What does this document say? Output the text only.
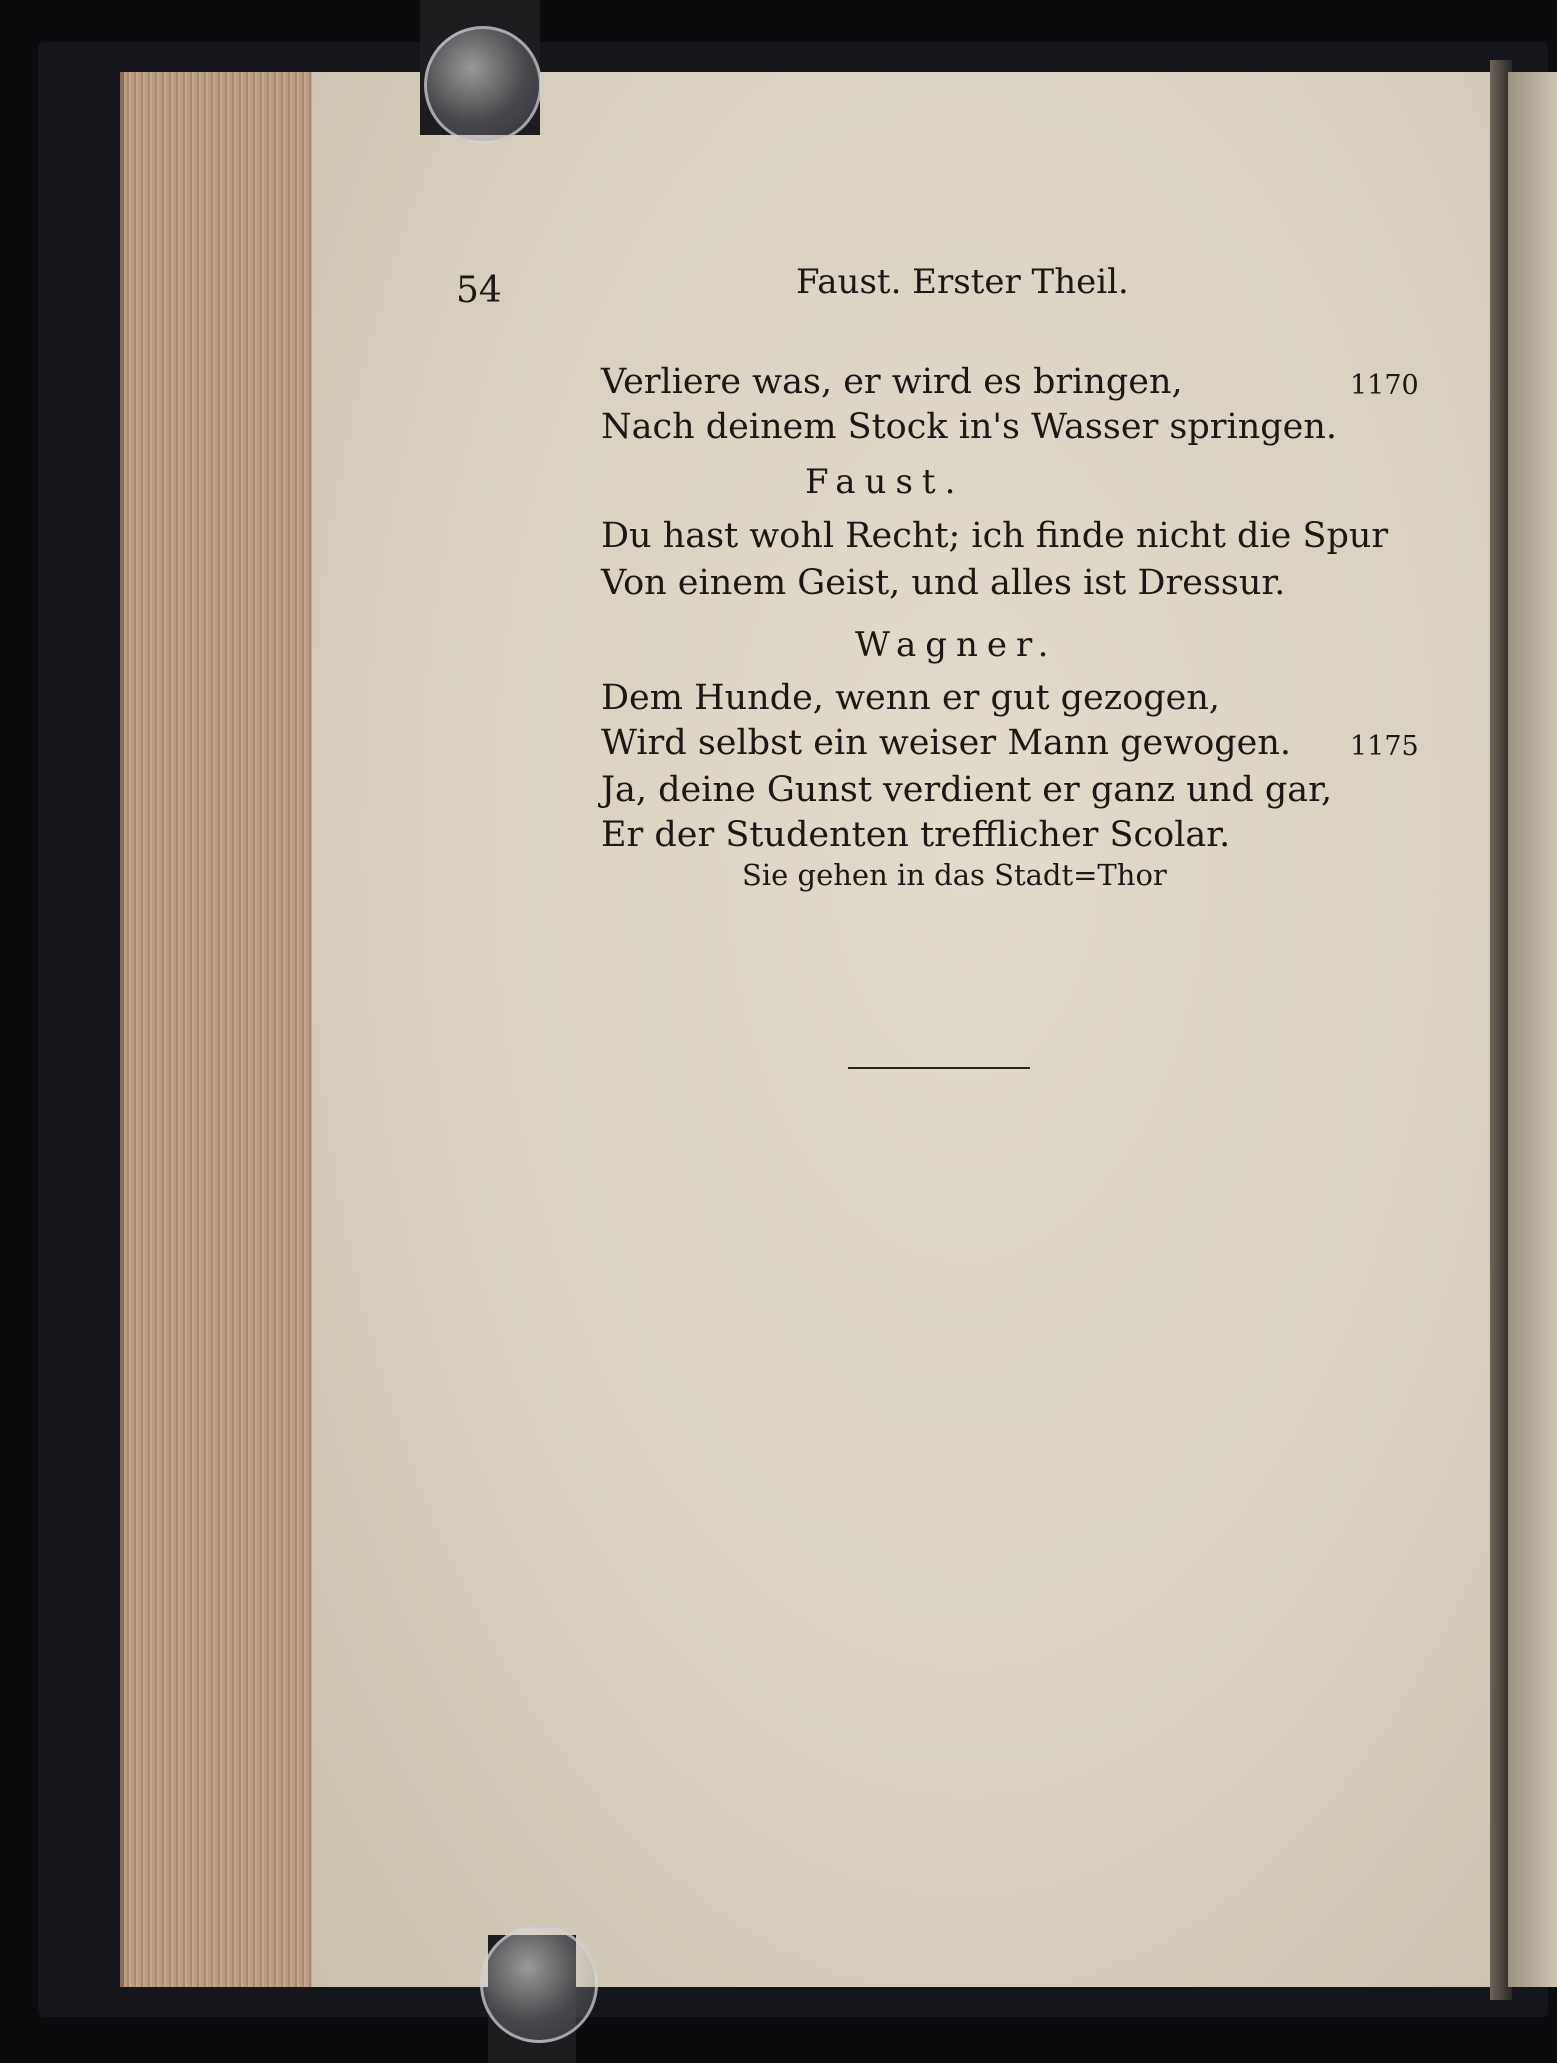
54	Faust. Erster Theil.
Verliere was, er wird es bringen,	1170
Nach deinem Stock in's Wasser springen.
Faust.
Du hast wohl Recht; ich finde nicht die Spur
Von einem Geist, und alles ist Dressur.
Wagner.
Dem Hunde, wenn er gut gezogen,
Wird selbst ein weiser Mann gewogen. 1175
Ja, deine Gunst verdient er ganz und gar,
Er der Studenten trefflicher Scolar.
Sie gehen in das Stadt=Thor
